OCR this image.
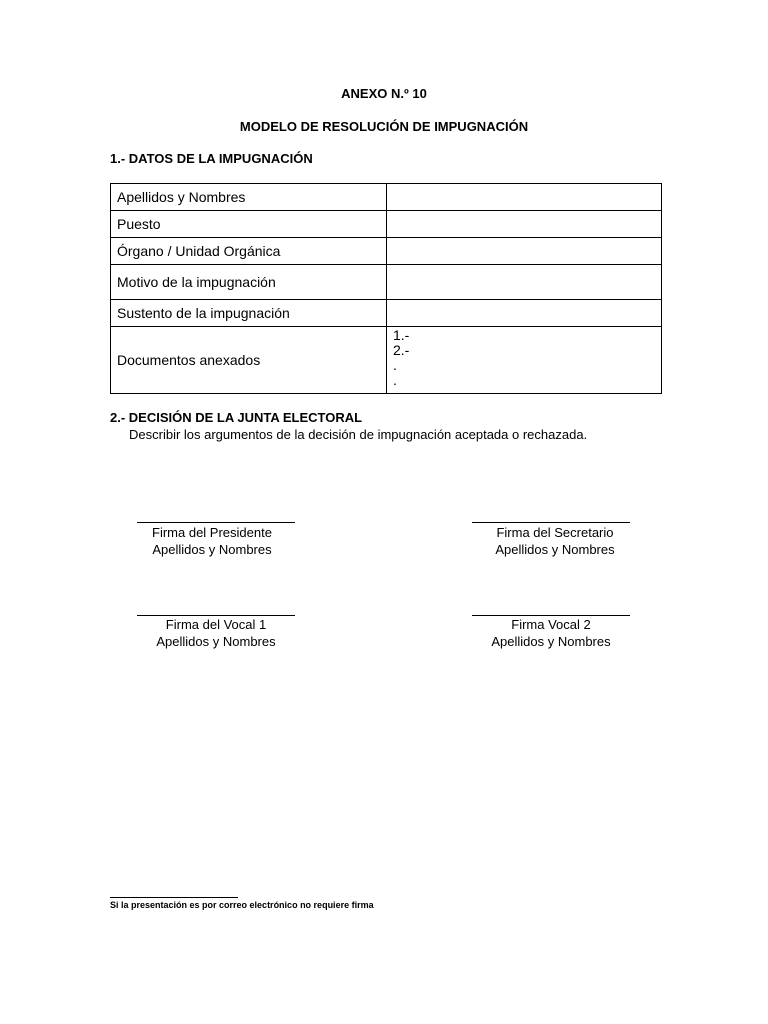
ANEXO N.º 10
MODELO DE RESOLUCIÓN DE IMPUGNACIÓN
1.- DATOS DE LA IMPUGNACIÓN
Apellidos y Nombres	
Puesto	
Órgano / Unidad Orgánica	
Motivo de la impugnación	
Sustento de la impugnación	
Documentos anexados	1.-
2.-
.
.
2.- DECISIÓN DE LA JUNTA ELECTORAL
Describir los argumentos de la decisión de impugnación aceptada o rechazada.
Firma del Presidente
Apellidos y Nombres
Firma del Secretario
Apellidos y Nombres
Firma del Vocal 1
Apellidos y Nombres
Firma Vocal 2
Apellidos y Nombres
Si la presentación es por correo electrónico no requiere firma
